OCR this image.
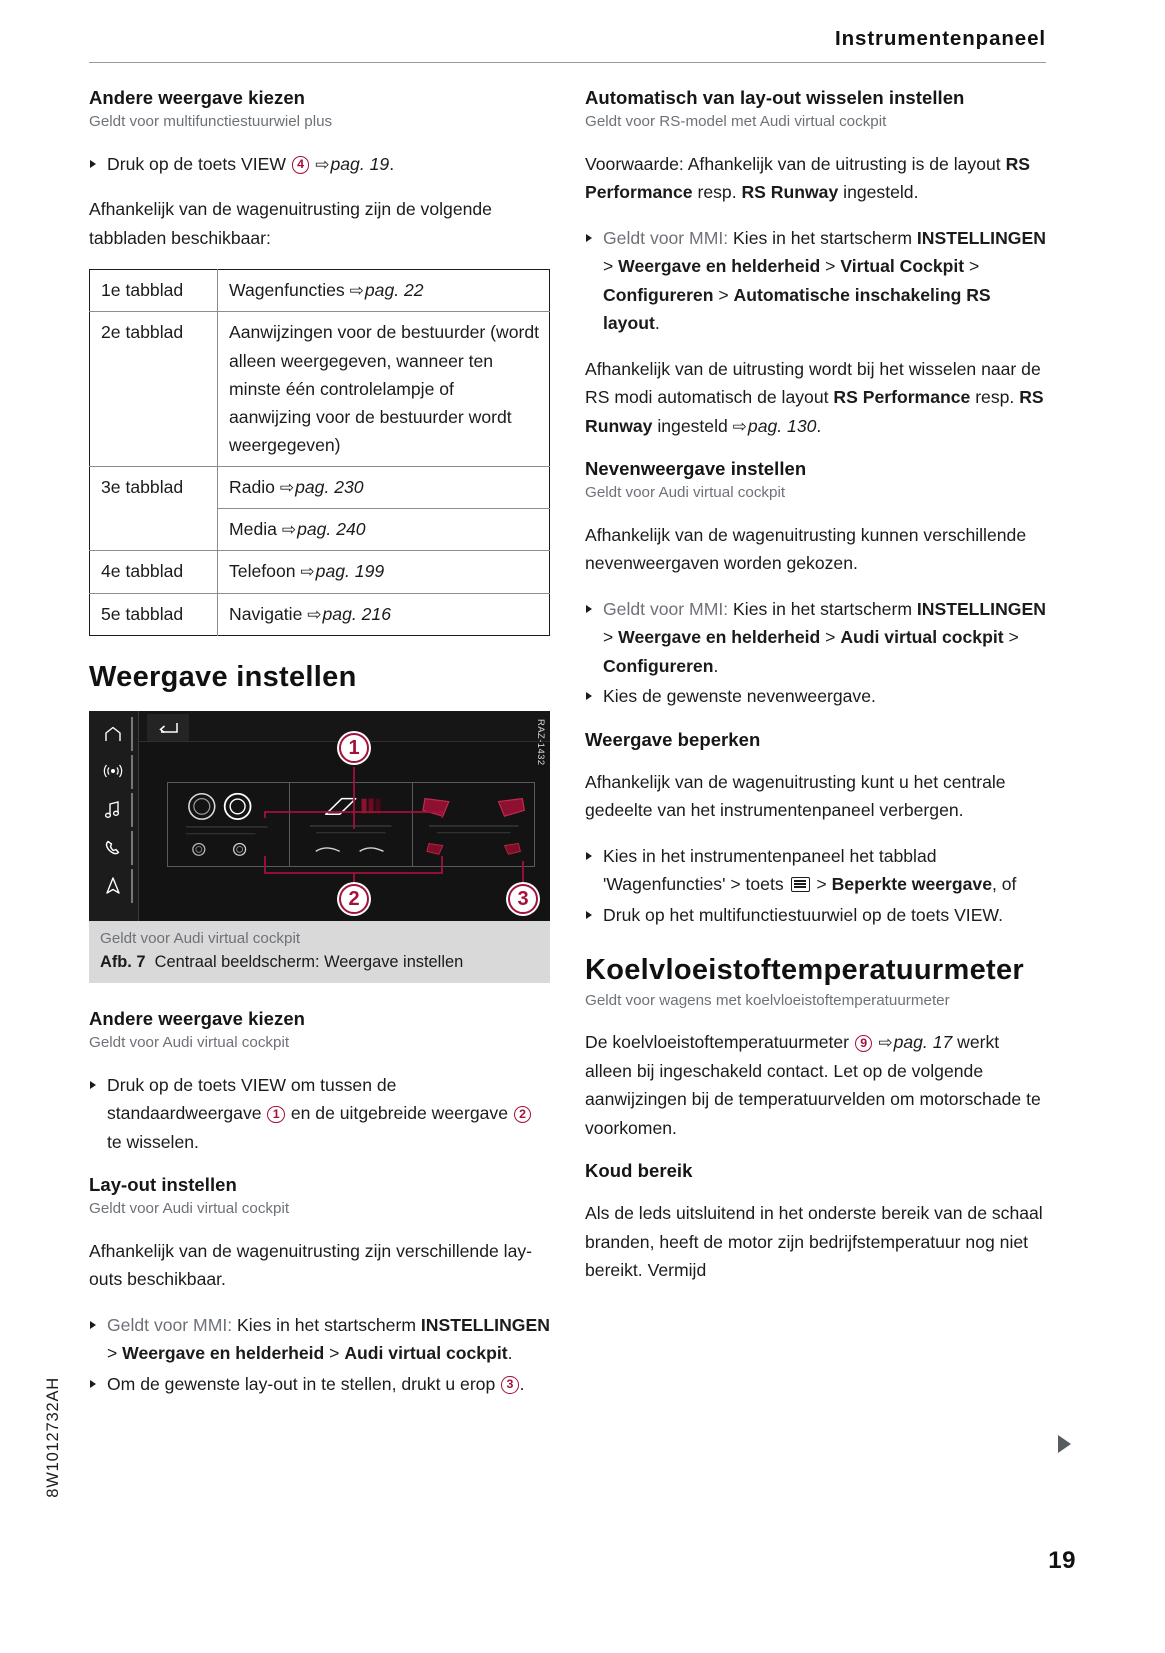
Instrumentenpaneel
Andere weergave kiezen
Geldt voor multifunctiestuurwiel plus
Druk op de toets VIEW 4 ⇨ pag. 19.

Afhankelijk van de wagenuitrusting zijn de volgende tabbladen beschikbaar:

1e tabblad	Wagenfuncties ⇨ pag. 22
2e tabblad	Aanwijzingen voor de bestuurder (wordt alleen weergegeven, wanneer ten minste één controlelampje of aanwijzing voor de bestuurder wordt weergegeven)
3e tabblad	Radio ⇨ pag. 230
	Media ⇨ pag. 240
4e tabblad	Telefoon ⇨ pag. 199
5e tabblad	Navigatie ⇨ pag. 216
Weergave instellen
1
2	3
RAZ-1432
Geldt voor Audi virtual cockpit
Afb. 7 Centraal beeldscherm: Weergave instellen
Andere weergave kiezen
Geldt voor Audi virtual cockpit
Druk op de toets VIEW om tussen de standaardweergave 1 en de uitgebreide weergave 2 te wisselen.
Lay-out instellen
Geldt voor Audi virtual cockpit

Afhankelijk van de wagenuitrusting zijn verschillende lay-outs beschikbaar.

Geldt voor MMI: Kies in het startscherm INSTELLINGEN > Weergave en helderheid > Audi virtual cockpit.
Om de gewenste lay-out in te stellen, drukt u erop 3 .
Automatisch van lay-out wisselen instellen
Geldt voor RS-model met Audi virtual cockpit

Voorwaarde: Afhankelijk van de uitrusting is de layout RS Performance resp. RS Runway ingesteld.

Geldt voor MMI: Kies in het startscherm INSTELLINGEN > Weergave en helderheid > Virtual Cockpit > Configureren > Automatische inschakeling RS layout.

Afhankelijk van de uitrusting wordt bij het wisselen naar de RS modi automatisch de layout RS Performance resp. RS Runway ingesteld ⇨ pag. 130.

Nevenweergave instellen
Geldt voor Audi virtual cockpit

Afhankelijk van de wagenuitrusting kunnen verschillende nevenweergaven worden gekozen.

Geldt voor MMI: Kies in het startscherm INSTELLINGEN > Weergave en helderheid > Audi virtual cockpit > Configureren.
Kies de gewenste nevenweergave.
Weergave beperken

Afhankelijk van de wagenuitrusting kunt u het centrale gedeelte van het instrumentenpaneel verbergen.

Kies in het instrumentenpaneel het tabblad 'Wagenfuncties' > toets
> Beperkte weergave, of
Druk op het multifunctiestuurwiel op de toets VIEW.
Koelvloeistoftemperatuurmeter
Geldt voor wagens met koelvloeistoftemperatuurmeter

De koelvloeistoftemperatuurmeter 9 ⇨ pag. 17 werkt alleen bij ingeschakeld contact. Let op de volgende aanwijzingen bij de temperatuurvelden om motorschade te voorkomen.

Koud bereik

Als de leds uitsluitend in het onderste bereik van de schaal branden, heeft de motor zijn bedrijfstemperatuur nog niet bereikt. Vermijd

8W1012732AH
19
